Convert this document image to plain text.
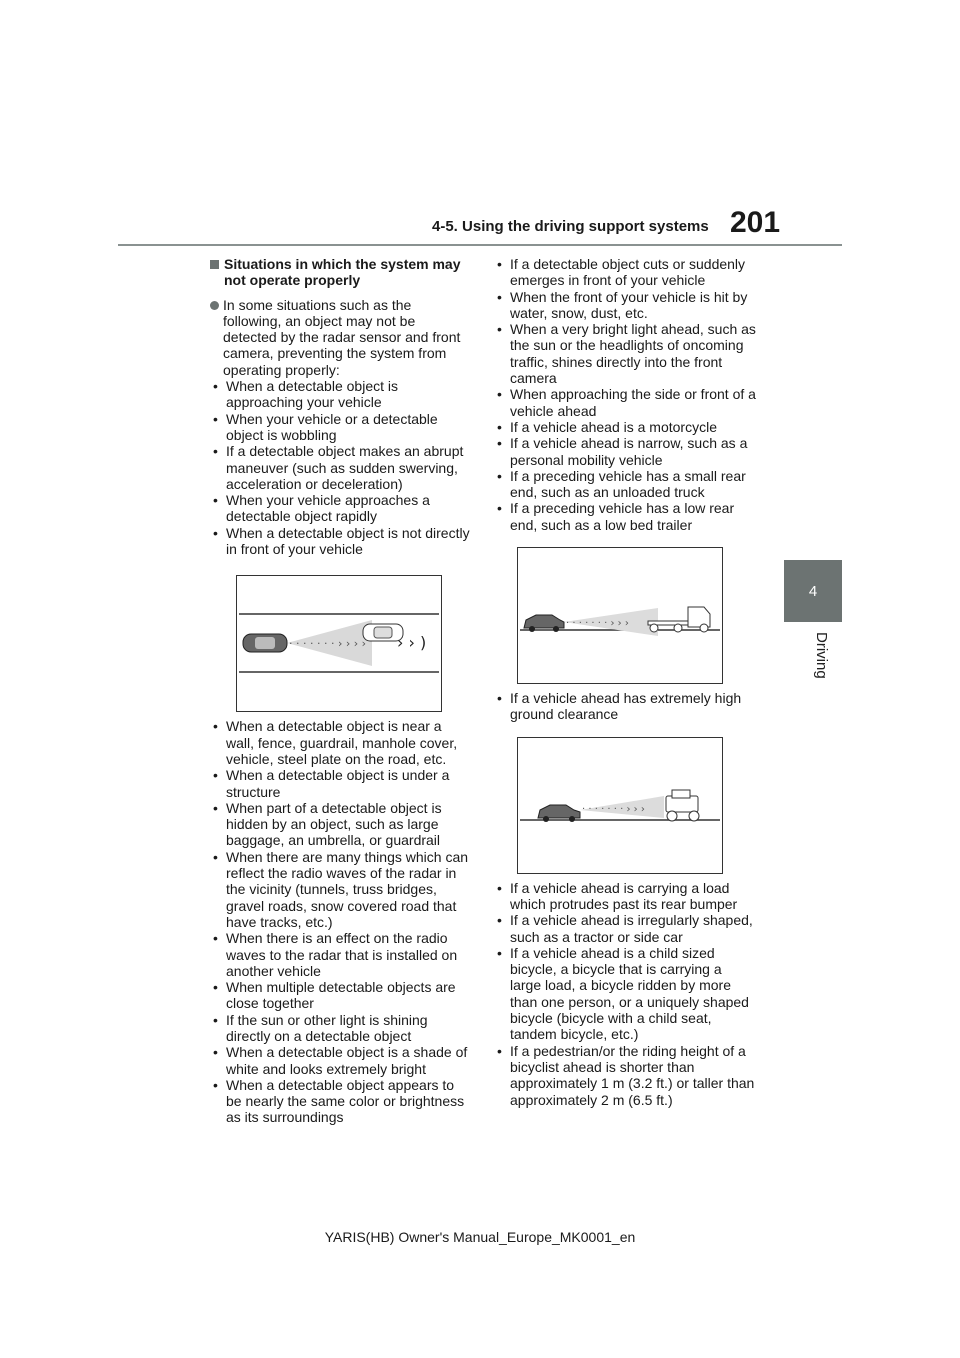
4-5. Using the driving support systems 201
4
Driving
Situations in which the system may not operate properly
In some situations such as the following, an object may not be detected by the radar sensor and front camera, preventing the system from operating properly:
• When a detectable object is approaching your vehicle
• When your vehicle or a detectable object is wobbling
• If a detectable object makes an abrupt maneuver (such as sudden swerving, acceleration or deceleration)
• When your vehicle approaches a detectable object rapidly
• When a detectable object is not directly in front of your vehicle
· · · · · · · › › › › › › )
• When a detectable object is near a wall, fence, guardrail, manhole cover, vehicle, steel plate on the road, etc.
• When a detectable object is under a structure
• When part of a detectable object is hidden by an object, such as large baggage, an umbrella, or guardrail
• When there are many things which can reflect the radio waves of the radar in the vicinity (tunnels, truss bridges, gravel roads, snow covered road that have tracks, etc.)
• When there is an effect on the radio waves to the radar that is installed on another vehicle
• When multiple detectable objects are close together
• If the sun or other light is shining directly on a detectable object
• When a detectable object is a shade of white and looks extremely bright
• When a detectable object appears to be nearly the same color or brightness as its surroundings
• If a detectable object cuts or suddenly emerges in front of your vehicle
• When the front of your vehicle is hit by water, snow, dust, etc.
• When a very bright light ahead, such as the sun or the headlights of oncoming traffic, shines directly into the front camera
• When approaching the side or front of a vehicle ahead
• If a vehicle ahead is a motorcycle
• If a vehicle ahead is narrow, such as a personal mobility vehicle
• If a preceding vehicle has a small rear end, such as an unloaded truck
• If a preceding vehicle has a low rear end, such as a low bed trailer
· · · · · · · › › ›
• If a vehicle ahead has extremely high ground clearance
· · · · · · · › › ›
• If a vehicle ahead is carrying a load which protrudes past its rear bumper
• If a vehicle ahead is irregularly shaped, such as a tractor or side car
• If a vehicle ahead is a child sized bicycle, a bicycle that is carrying a large load, a bicycle ridden by more than one person, or a uniquely shaped bicycle (bicycle with a child seat, tandem bicycle, etc.)
• If a pedestrian/or the riding height of a bicyclist ahead is shorter than approximately 1 m (3.2 ft.) or taller than approximately 2 m (6.5 ft.)
YARIS(HB) Owner's Manual_Europe_MK0001_en
